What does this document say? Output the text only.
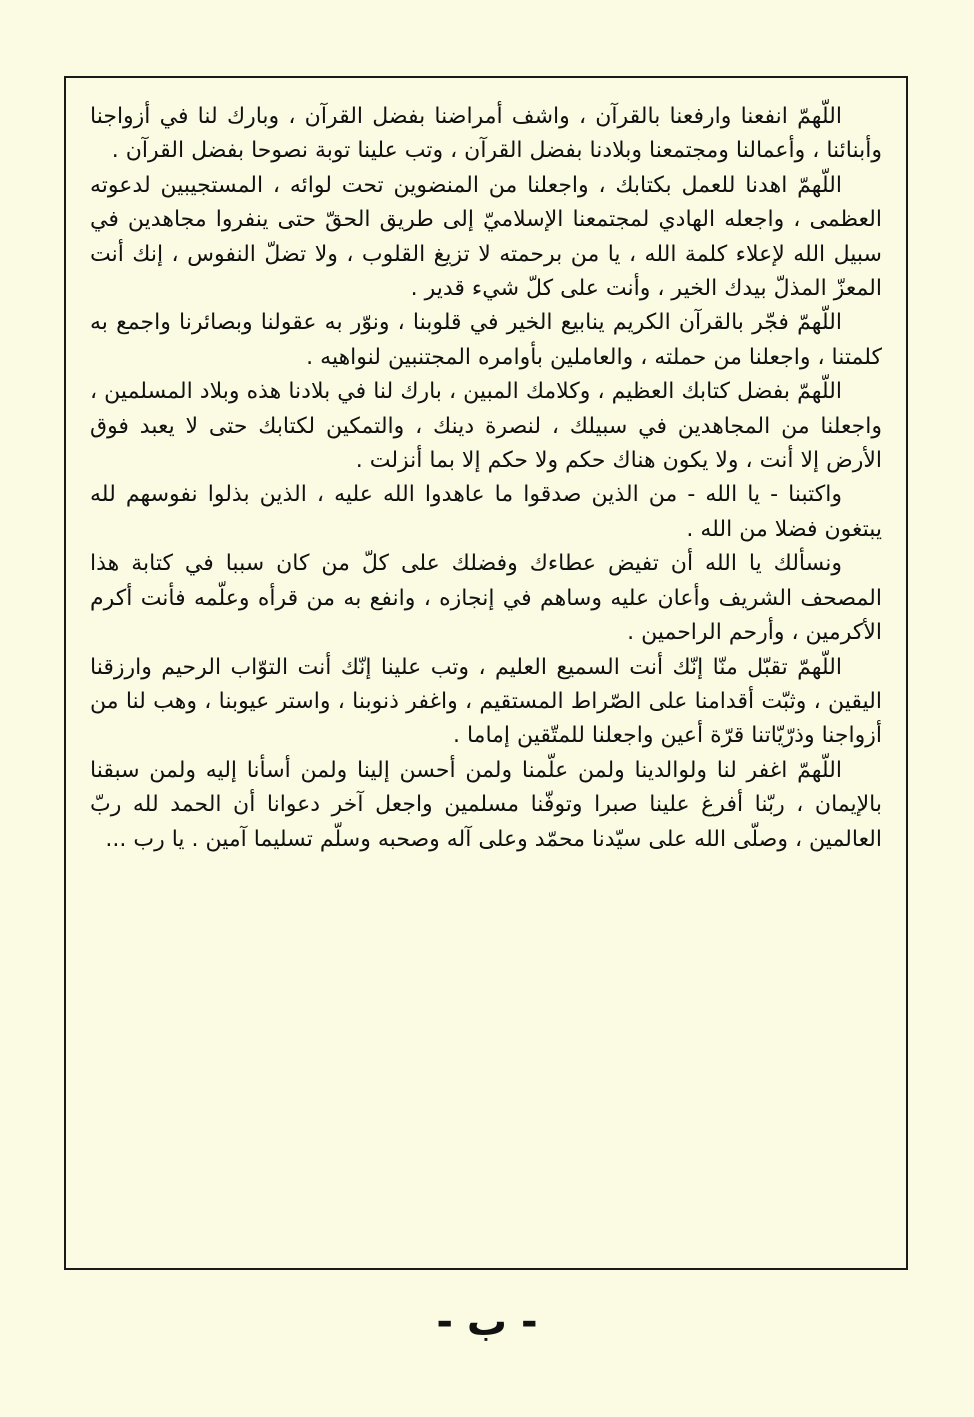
اللّهمّ انفعنا وارفعنا بالقرآن ، واشف أمراضنا بفضل القرآن ، وبارك لنا في أزواجنا وأبنائنا ، وأعمالنا ومجتمعنا وبلادنا بفضل القرآن ، وتب علينا توبة نصوحا بفضل القرآن .

اللّهمّ اهدنا للعمل بكتابك ، واجعلنا من المنضوين تحت لوائه ، المستجيبين لدعوته العظمى ، واجعله الهادي لمجتمعنا الإسلاميّ إلى طريق الحقّ حتى ينفروا مجاهدين في سبيل الله لإعلاء كلمة الله ، يا من برحمته لا تزيغ القلوب ، ولا تضلّ النفوس ، إنك أنت المعزّ المذلّ بيدك الخير ، وأنت على كلّ شيء قدير .

اللّهمّ فجّر بالقرآن الكريم ينابيع الخير في قلوبنا ، ونوّر به عقولنا وبصائرنا واجمع به كلمتنا ، واجعلنا من حملته ، والعاملين بأوامره المجتنبين لنواهيه .

اللّهمّ بفضل كتابك العظيم ، وكلامك المبين ، بارك لنا في بلادنا هذه وبلاد المسلمين ، واجعلنا من المجاهدين في سبيلك ، لنصرة دينك ، والتمكين لكتابك حتى لا يعبد فوق الأرض إلا أنت ، ولا يكون هناك حكم ولا حكم إلا بما أنزلت .

واكتبنا - يا الله - من الذين صدقوا ما عاهدوا الله عليه ، الذين بذلوا نفوسهم لله يبتغون فضلا من الله .

ونسألك يا الله أن تفيض عطاءك وفضلك على كلّ من كان سببا في كتابة هذا المصحف الشريف وأعان عليه وساهم في إنجازه ، وانفع به من قرأه وعلّمه فأنت أكرم الأكرمين ، وأرحم الراحمين .

اللّهمّ تقبّل منّا إنّك أنت السميع العليم ، وتب علينا إنّك أنت التوّاب الرحيم وارزقنا اليقين ، وثبّت أقدامنا على الصّراط المستقيم ، واغفر ذنوبنا ، واستر عيوبنا ، وهب لنا من أزواجنا وذرّيّاتنا قرّة أعين واجعلنا للمتّقين إماما .

اللّهمّ اغفر لنا ولوالدينا ولمن علّمنا ولمن أحسن إلينا ولمن أسأنا إليه ولمن سبقنا بالإيمان ، ربّنا أفرغ علينا صبرا وتوفّنا مسلمين واجعل آخر دعوانا أن الحمد لله ربّ العالمين ، وصلّى الله على سيّدنا محمّد وعلى آله وصحبه وسلّم تسليما آمين . يا رب ...

- ب -
